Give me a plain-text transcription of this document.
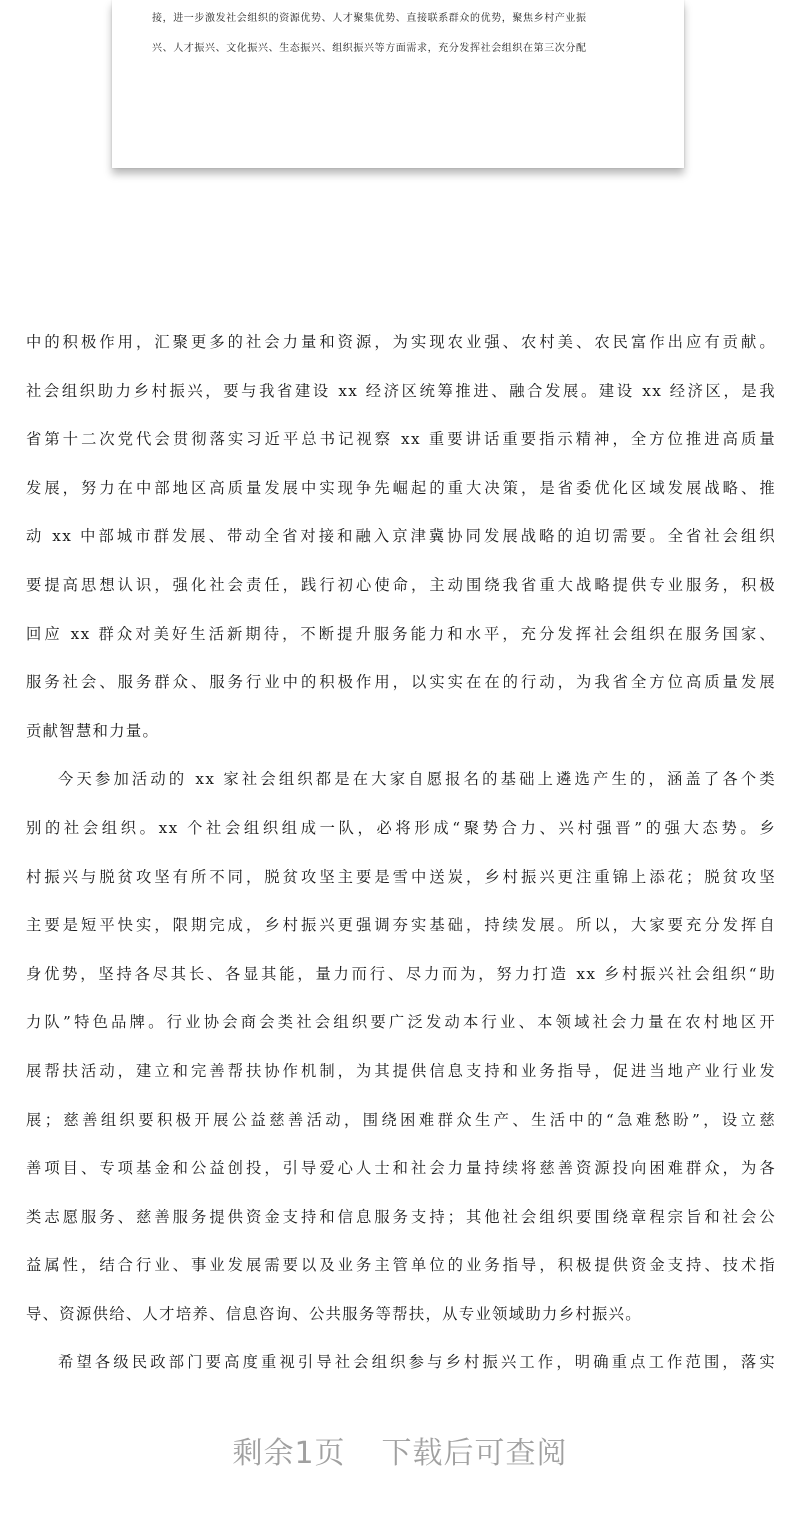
接，进一步激发社会组织的资源优势、人才聚集优势、直接联系群众的优势，聚焦乡村产业振
兴、人才振兴、文化振兴、生态振兴、组织振兴等方面需求，充分发挥社会组织在第三次分配
中的积极作用，汇聚更多的社会力量和资源，为实现农业强、农村美、农民富作出应有贡献。
社会组织助力乡村振兴，要与我省建设 xx 经济区统筹推进、融合发展。建设 xx 经济区，是我
省第十二次党代会贯彻落实习近平总书记视察 xx 重要讲话重要指示精神，全方位推进高质量
发展，努力在中部地区高质量发展中实现争先崛起的重大决策，是省委优化区域发展战略、推
动 xx 中部城市群发展、带动全省对接和融入京津冀协同发展战略的迫切需要。全省社会组织
要提高思想认识，强化社会责任，践行初心使命，主动围绕我省重大战略提供专业服务，积极
回应 xx 群众对美好生活新期待，不断提升服务能力和水平，充分发挥社会组织在服务国家、
服务社会、服务群众、服务行业中的积极作用，以实实在在的行动，为我省全方位高质量发展
贡献智慧和力量。
今天参加活动的 xx 家社会组织都是在大家自愿报名的基础上遴选产生的，涵盖了各个类
别的社会组织。xx 个社会组织组成一队，必将形成“聚势合力、兴村强晋”的强大态势。乡
村振兴与脱贫攻坚有所不同，脱贫攻坚主要是雪中送炭，乡村振兴更注重锦上添花；脱贫攻坚
主要是短平快实，限期完成，乡村振兴更强调夯实基础，持续发展。所以，大家要充分发挥自
身优势，坚持各尽其长、各显其能，量力而行、尽力而为，努力打造 xx 乡村振兴社会组织“助
力队”特色品牌。行业协会商会类社会组织要广泛发动本行业、本领域社会力量在农村地区开
展帮扶活动，建立和完善帮扶协作机制，为其提供信息支持和业务指导，促进当地产业行业发
展；慈善组织要积极开展公益慈善活动，围绕困难群众生产、生活中的“急难愁盼”，设立慈
善项目、专项基金和公益创投，引导爱心人士和社会力量持续将慈善资源投向困难群众，为各
类志愿服务、慈善服务提供资金支持和信息服务支持；其他社会组织要围绕章程宗旨和社会公
益属性，结合行业、事业发展需要以及业务主管单位的业务指导，积极提供资金支持、技术指
导、资源供给、人才培养、信息咨询、公共服务等帮扶，从专业领域助力乡村振兴。
希望各级民政部门要高度重视引导社会组织参与乡村振兴工作，明确重点工作范围，落实
剩余1页 下载后可查阅
